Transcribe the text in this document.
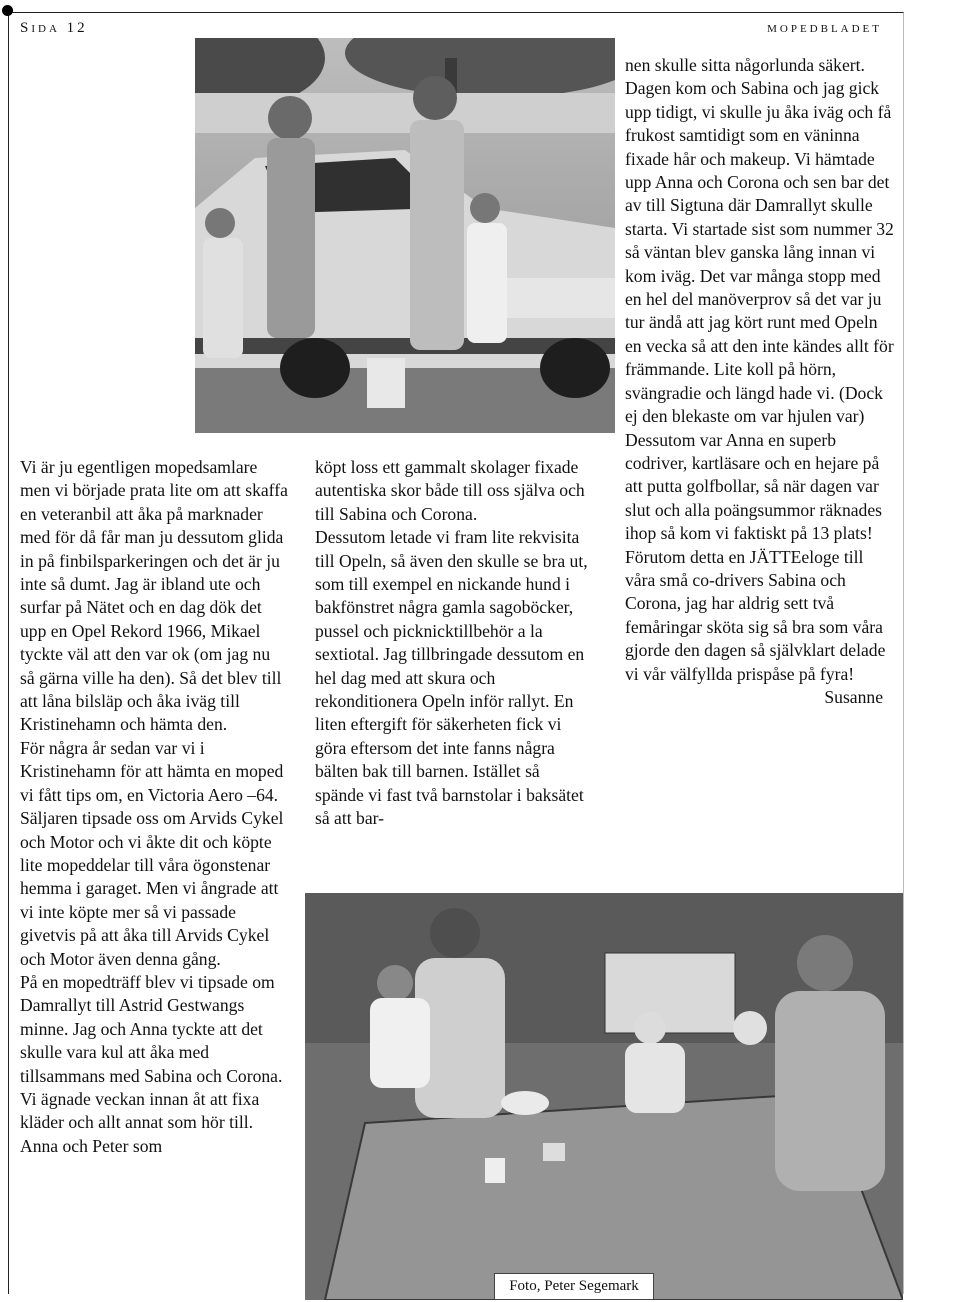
Sida 12	MOPEDBLADET

Vi är ju egentligen mopedsamlare men vi började prata lite om att skaffa en veteranbil att åka på marknader med för då får man ju dessutom glida in på finbilsparkeringen och det är ju inte så dumt. Jag är ibland ute och surfar på Nätet och en dag dök det upp en Opel Rekord 1966, Mikael tyckte väl att den var ok (om jag nu så gärna ville ha den). Så det blev till att låna bilsläp och åka iväg till Kristinehamn och hämta den.

För några år sedan var vi i Kristinehamn för att hämta en moped vi fått tips om, en Victoria Aero –64. Säljaren tipsade oss om Arvids Cykel och Motor och vi åkte dit och köpte lite mopeddelar till våra ögonstenar hemma i garaget. Men vi ångrade att vi inte köpte mer så vi passade givetvis på att åka till Arvids Cykel och Motor även denna gång.

På en mopedträff blev vi tipsade om Damrallyt till Astrid Gestwangs minne. Jag och Anna tyckte att det skulle vara kul att åka med tillsammans med Sabina och Corona.

Vi ägnade veckan innan åt att fixa kläder och allt annat som hör till. Anna och Peter som

köpt loss ett gammalt skolager fixade autentiska skor både till oss själva och till Sabina och Corona.

Dessutom letade vi fram lite rekvisita till Opeln, så även den skulle se bra ut, som till exempel en nickande hund i bakfönstret några gamla sagoböcker, pussel och picknicktillbehör a la sextiotal. Jag tillbringade dessutom en hel dag med att skura och rekonditionera Opeln inför rallyt. En liten eftergift för säkerheten fick vi göra eftersom det inte fanns några bälten bak till barnen. Istället så spände vi fast två barnstolar i baksätet så att bar-

nen skulle sitta någorlunda säkert.

Dagen kom och Sabina och jag gick upp tidigt, vi skulle ju åka iväg och få frukost samtidigt som en väninna fixade hår och makeup. Vi hämtade upp Anna och Corona och sen bar det av till Sigtuna där Damrallyt skulle starta. Vi startade sist som nummer 32 så väntan blev ganska lång innan vi kom iväg. Det var många stopp med en hel del manöverprov så det var ju tur ändå att jag kört runt med Opeln en vecka så att den inte kändes allt för främmande. Lite koll på hörn, svängradie och längd hade vi. (Dock ej den blekaste om var hjulen var) Dessutom var Anna en superb codriver, kartläsare och en hejare på att putta golfbollar, så när dagen var slut och alla poängsummor räknades ihop så kom vi faktiskt på 13 plats!

Förutom detta en JÄTTEeloge till våra små co-drivers Sabina och Corona, jag har aldrig sett två femåringar sköta sig så bra som våra gjorde den dagen så självklart delade vi vår välfyllda prispåse på fyra!

Susanne

Foto, Peter Segemark
